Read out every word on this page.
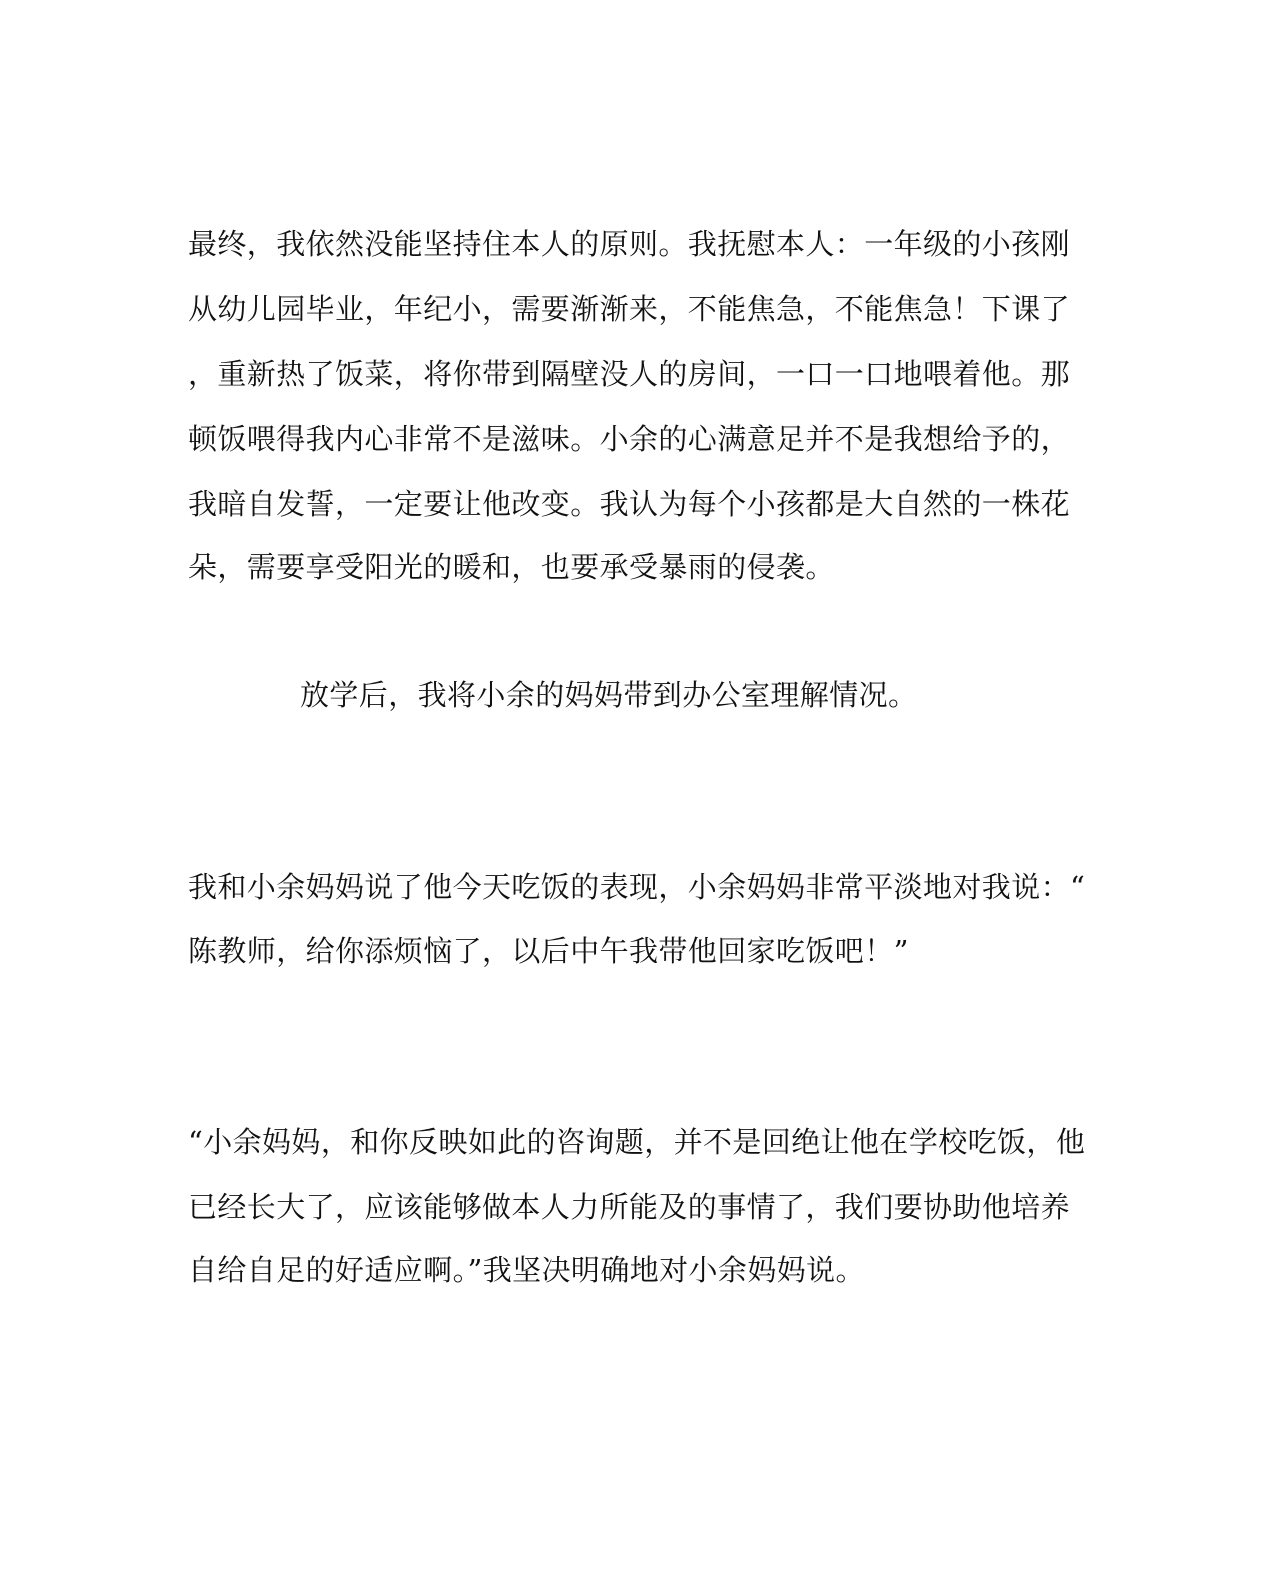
最终，我依然没能坚持住本人的原则。我抚慰本人：一年级的小孩刚

从幼儿园毕业，年纪小，需要渐渐来，不能焦急，不能焦急！下课了

，重新热了饭菜，将你带到隔壁没人的房间，一口一口地喂着他。那

顿饭喂得我内心非常不是滋味。小余的心满意足并不是我想给予的，

我暗自发誓，一定要让他改变。我认为每个小孩都是大自然的一株花

朵，需要享受阳光的暖和，也要承受暴雨的侵袭。

放学后，我将小余的妈妈带到办公室理解情况。

我和小余妈妈说了他今天吃饭的表现，小余妈妈非常平淡地对我说：“

陈教师，给你添烦恼了，以后中午我带他回家吃饭吧！”

“小余妈妈，和你反映如此的咨询题，并不是回绝让他在学校吃饭，他

已经长大了，应该能够做本人力所能及的事情了，我们要协助他培养

自给自足的好适应啊。”我坚决明确地对小余妈妈说。
